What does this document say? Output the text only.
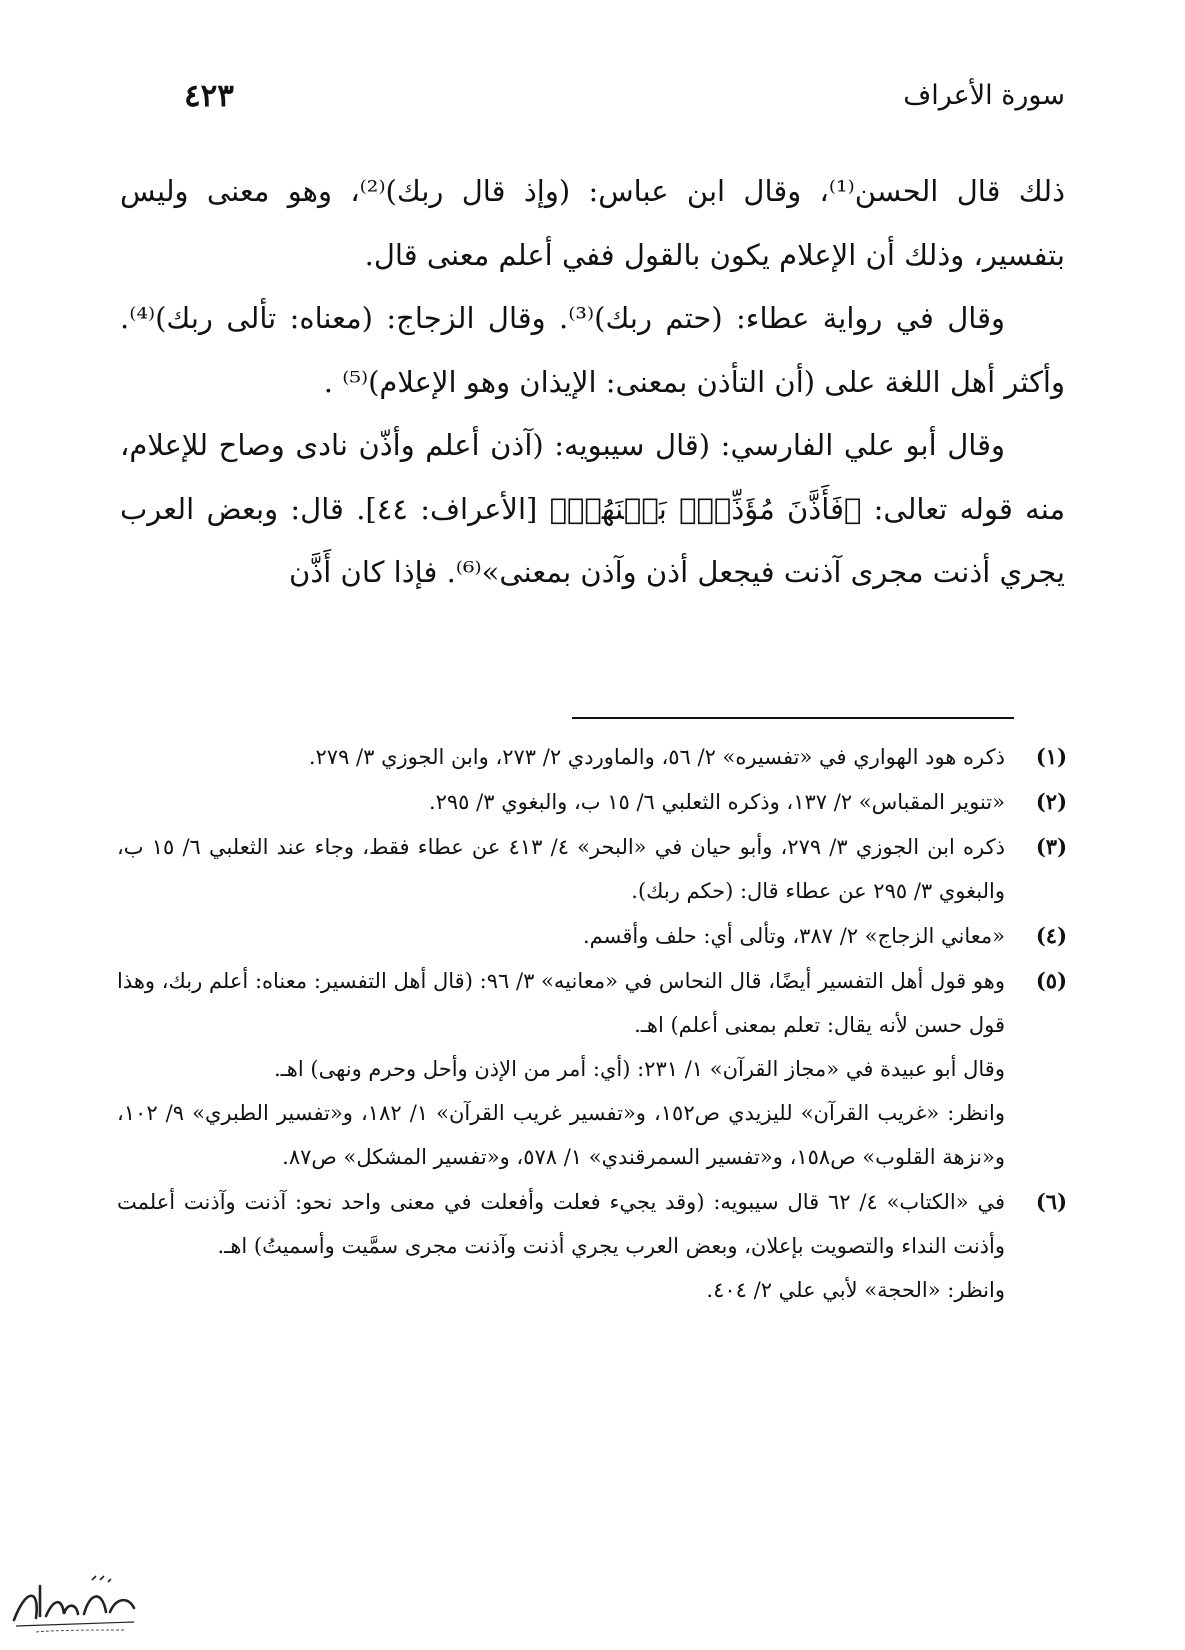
سورة الأعراف
٤٢٣

ذلك قال الحسن⁽¹⁾، وقال ابن عباس: (وإذ قال ربك)⁽²⁾، وهو معنى وليس بتفسير، وذلك أن الإعلام يكون بالقول ففي أعلم معنى قال.

وقال في رواية عطاء: (حتم ربك)⁽³⁾. وقال الزجاج: (معناه: تألى ربك)⁽⁴⁾. وأكثر أهل اللغة على (أن التأذن بمعنى: الإيذان وهو الإعلام)⁽⁵⁾ .

وقال أبو علي الفارسي: (قال سيبويه: (آذن أعلم وأذّن نادى وصاح للإعلام، منه قوله تعالى: ﴿فَأَذَّنَ مُؤَذِّنٌۢ بَيۡنَهُمۡ﴾ [الأعراف: ٤٤]. قال: وبعض العرب يجري أذنت مجرى آذنت فيجعل أذن وآذن بمعنى»⁽⁶⁾. فإذا كان أَذَّن

(١)
ذكره هود الهواري في «تفسيره» ٢/ ٥٦، والماوردي ٢/ ٢٧٣، وابن الجوزي ٣/ ٢٧٩.
(٢)
«تنوير المقباس» ٢/ ١٣٧، وذكره الثعلبي ٦/ ١٥ ب، والبغوي ٣/ ٢٩٥.
(٣)
ذكره ابن الجوزي ٣/ ٢٧٩، وأبو حيان في «البحر» ٤/ ٤١٣ عن عطاء فقط، وجاء عند الثعلبي ٦/ ١٥ ب، والبغوي ٣/ ٢٩٥ عن عطاء قال: (حكم ربك).
(٤)
«معاني الزجاج» ٢/ ٣٨٧، وتألى أي: حلف وأقسم.
(٥)
وهو قول أهل التفسير أيضًا، قال النحاس في «معانيه» ٣/ ٩٦: (قال أهل التفسير: معناه: أعلم ربك، وهذا قول حسن لأنه يقال: تعلم بمعنى أعلم) اهـ.
وقال أبو عبيدة في «مجاز القرآن» ١/ ٢٣١: (أي: أمر من الإذن وأحل وحرم ونهى) اهـ.
وانظر: «غريب القرآن» لليزيدي ص١٥٢، و«تفسير غريب القرآن» ١/ ١٨٢، و«تفسير الطبري» ٩/ ١٠٢، و«نزهة القلوب» ص١٥٨، و«تفسير السمرقندي» ١/ ٥٧٨، و«تفسير المشكل» ص٨٧.
(٦)
في «الكتاب» ٤/ ٦٢ قال سيبويه: (وقد يجيء فعلت وأفعلت في معنى واحد نحو: آذنت وآذنت أعلمت وأذنت النداء والتصويت بإعلان، وبعض العرب يجري أذنت وآذنت مجرى سمَّيت وأسميتُ) اهـ.
وانظر: «الحجة» لأبي علي ٢/ ٤٠٤.
